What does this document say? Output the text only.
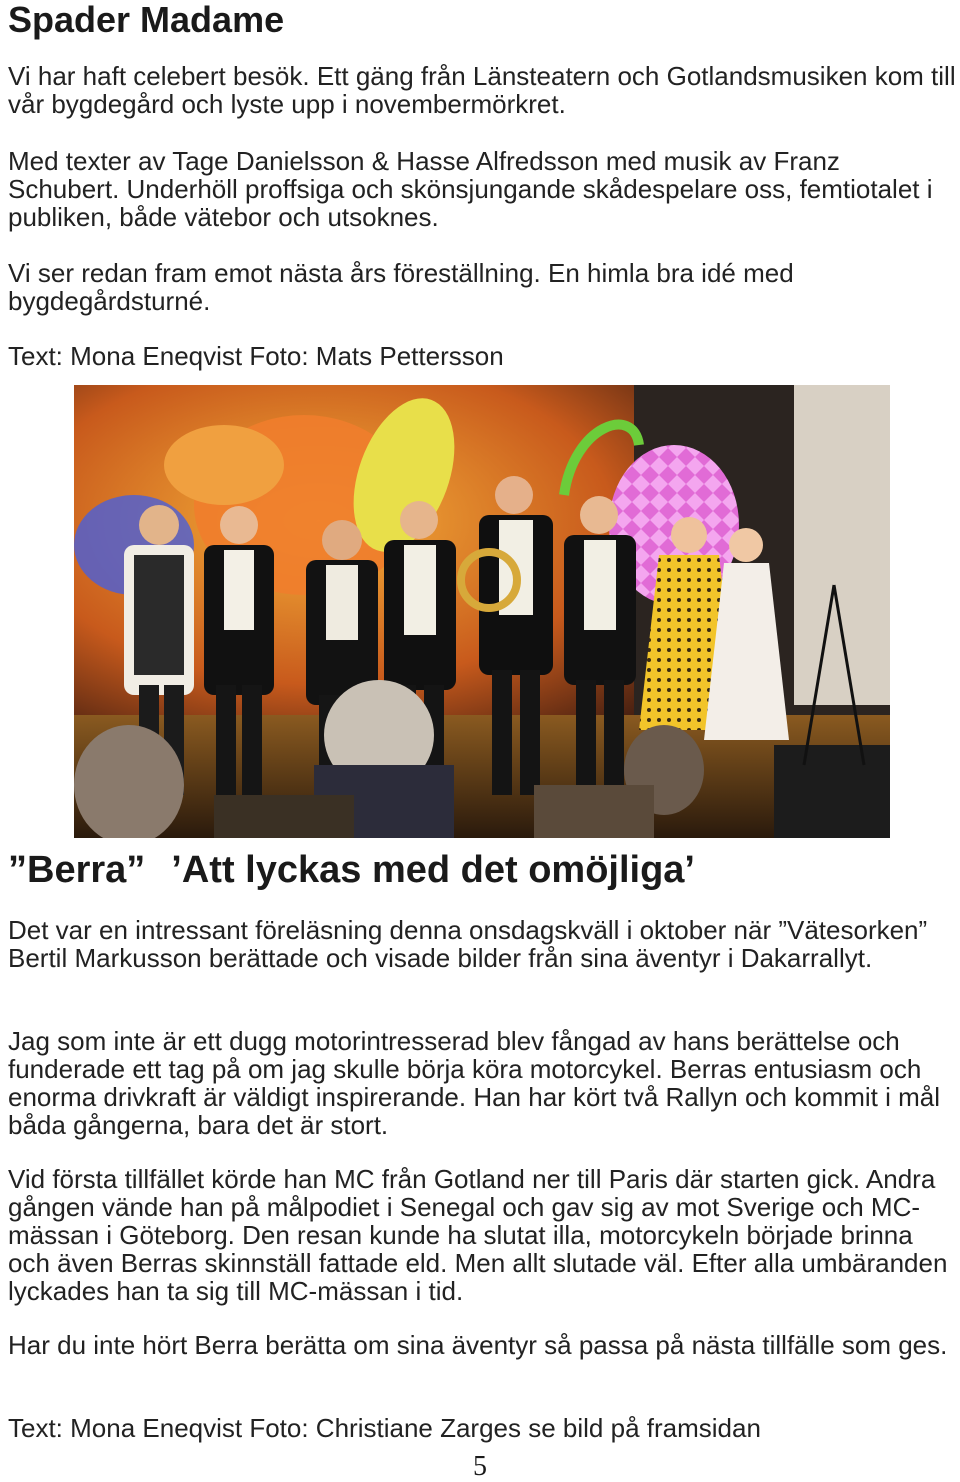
Spader Madame

Vi har haft celebert besök. Ett gäng från Länsteatern och Gotlandsmusiken kom till vår bygdegård och lyste upp i novembermörkret.

Med texter av Tage Danielsson & Hasse Alfredsson med musik av Franz Schubert. Underhöll proffsiga och skönsjungande skådespelare oss, femtiotalet i publiken, både vätebor och utsoknes.

Vi ser redan fram emot nästa års föreställning. En himla bra idé med bygdegårdsturné.

Text: Mona Eneqvist Foto: Mats Pettersson

”Berra” ’Att lyckas med det omöjliga’

Det var en intressant föreläsning denna onsdagskväll i oktober när ”Vätesorken” Bertil Markusson berättade och visade bilder från sina äventyr i Dakarrallyt.

Jag som inte är ett dugg motorintresserad blev fångad av hans berättelse och funderade ett tag på om jag skulle börja köra motorcykel. Berras entusiasm och enorma drivkraft är väldigt inspirerande. Han har kört två Rallyn och kommit i mål båda gångerna, bara det är stort.

Vid första tillfället körde han MC från Gotland ner till Paris där starten gick. Andra gången vände han på målpodiet i Senegal och gav sig av mot Sverige och MC-mässan i Göteborg. Den resan kunde ha slutat illa, motorcykeln började brinna och även Berras skinnställ fattade eld. Men allt slutade väl. Efter alla umbäranden lyckades han ta sig till MC-mässan i tid.

Har du inte hört Berra berätta om sina äventyr så passa på nästa tillfälle som ges.

Text: Mona Eneqvist Foto: Christiane Zarges se bild på framsidan

5
